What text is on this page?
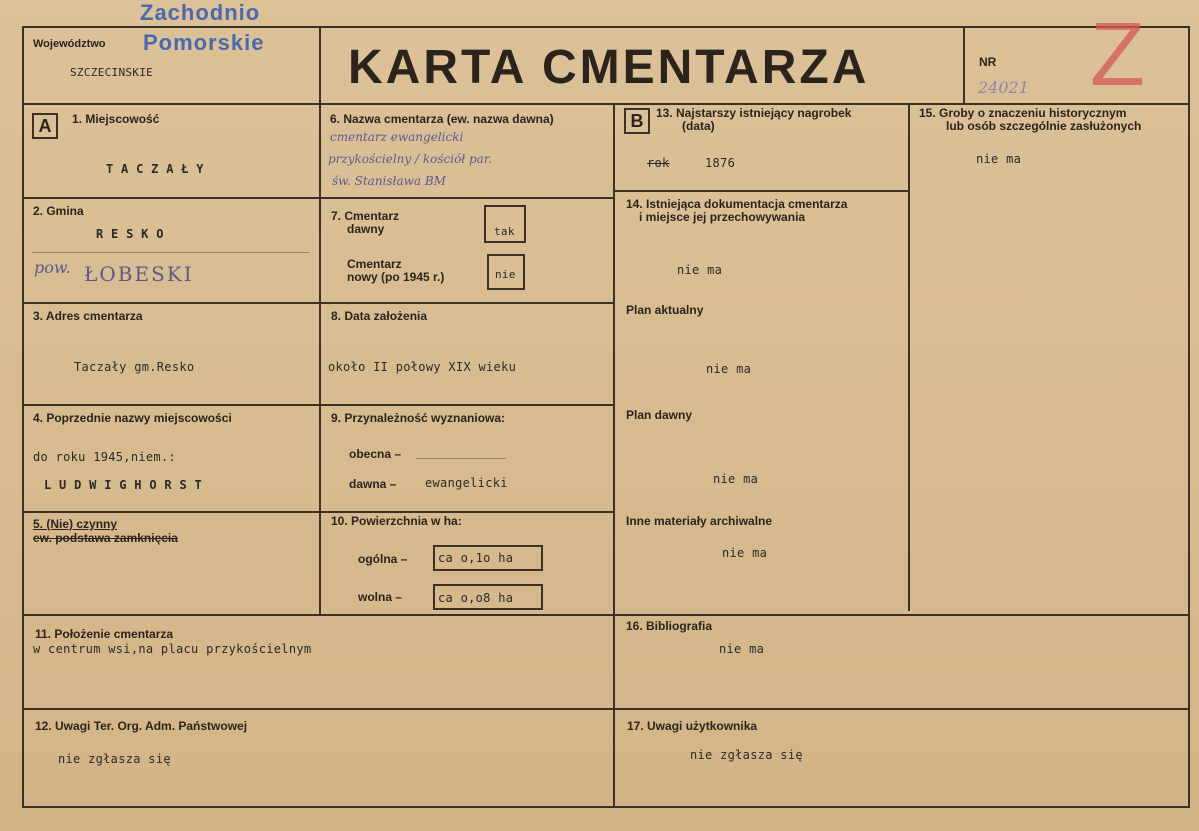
Zachodnio
Pomorskie
Województwo
SZCZECINSKIE	KARTA CMENTARZA	NR
24021 Z
A	1. Miejscowość
T A C Z A Ł Y
2. Gmina
R E S K O
pow. ŁOBESKI
3. Adres cmentarza
Taczały gm.Resko
4. Poprzednie nazwy miejscowości
do roku 1945,niem.:
L U D W I G H O R S T
5. (Nie) czynny
ew. podstawa zamknięcia
6. Nazwa cmentarza (ew. nazwa dawna)
cmentarz ewangelicki
przykościelny / kościół par.
św. Stanisława BM
7. Cmentarz
dawny	tak
Cmentarz
nowy (po 1945 r.)	nie
8. Data założenia
około II połowy XIX wieku
9. Przynależność wyznaniowa:
obecna –
dawna – ewangelicki
10. Powierzchnia w ha:
ogólna –	ca o,1o ha
wolna –	ca o,o8 ha
B	13. Najstarszy istniejący nagrobek
(data)
rok	1876
14. Istniejąca dokumentacja cmentarza
i miejsce jej przechowywania
nie ma
Plan aktualny
nie ma
Plan dawny
nie ma
Inne materiały archiwalne
nie ma
15. Groby o znaczeniu historycznym
lub osób szczególnie zasłużonych
nie ma
11. Położenie cmentarza
w centrum wsi,na placu przykościelnym
16. Bibliografia
nie ma
12. Uwagi Ter. Org. Adm. Państwowej
nie zgłasza się
17. Uwagi użytkownika
nie zgłasza się
